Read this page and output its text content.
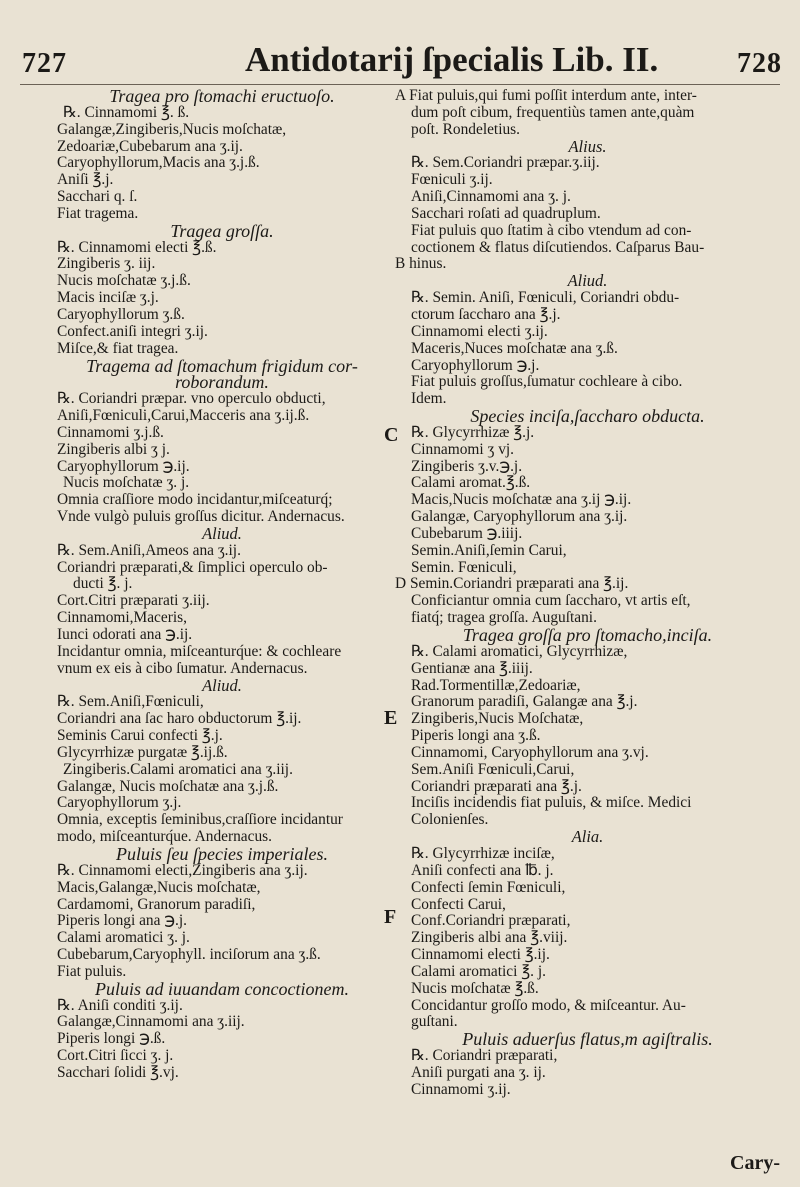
727	Antidotarij ſpecialis Lib. II.	728
Tragea pro ſtomachi eructuoſo.
℞. Cinnamomi ℥. ß.
Galangæ,Zingiberis,Nucis moſchatæ,
Zedoariæ,Cubebarum ana ʒ.ij.
Caryophyllorum,Macis ana ʒ.j.ß.
Aniſi ℥.j.
Sacchari q. ſ.
Fiat tragema.
Tragea groſſa.
℞. Cinnamomi electi ℥.ß.
Zingiberis ʒ. iij.
Nucis moſchatæ ʒ.j.ß.
Macis inciſæ ʒ.j.
Caryophyllorum ʒ.ß.
Confect.aniſi integri ʒ.ij.
Miſce,& fiat tragea.
Tragema ad ſtomachum frigidum cor-
roborandum.
℞. Coriandri præpar. vno operculo obducti,
Aniſi,Fœniculi,Carui,Macceris ana ʒ.ij.ß.
Cinnamomi ʒ.j.ß.
Zingiberis albi ʒ j.
Caryophyllorum ℈.ij.
Nucis moſchatæ ʒ. j.
Omnia craſſiore modo incidantur,miſceaturq́;
Vnde vulgò puluis groſſus dicitur. Andernacus.
Aliud.
℞. Sem.Aniſi,Ameos ana ʒ.ij.
Coriandri præparati,& ſimplici operculo ob-
ducti ℥. j.
Cort.Citri præparati ʒ.iij.
Cinnamomi,Maceris,
Iunci odorati ana ℈.ij.
Incidantur omnia, miſceanturq́ue: & cochleare
vnum ex eis à cibo ſumatur. Andernacus.
Aliud.
℞. Sem.Aniſi,Fœniculi,
Coriandri ana ſac haro obductorum ℥.ij.
Seminis Carui confecti ℥.j.
Glycyrrhizæ purgatæ ℥.ij.ß.
Zingiberis.Calami aromatici ana ʒ.iij.
Galangæ, Nucis moſchatæ ana ʒ.j.ß.
Caryophyllorum ʒ.j.
Omnia, exceptis ſeminibus,craſſiore incidantur
modo, miſceanturq́ue. Andernacus.
Puluis ſeu ſpecies imperiales.
℞. Cinnamomi electi,Zingiberis ana ʒ.ij.
Macis,Galangæ,Nucis moſchatæ,
Cardamomi, Granorum paradiſi,
Piperis longi ana ℈.j.
Calami aromatici ʒ. j.
Cubebarum,Caryophyll. inciſorum ana ʒ.ß.
Fiat puluis.
Puluis ad iuuandam concoctionem.
℞. Aniſi conditi ʒ.ij.
Galangæ,Cinnamomi ana ʒ.iij.
Piperis longi ℈.ß.
Cort.Citri ſicci ʒ. j.
Sacchari ſolidi ℥.vj.
A Fiat puluis,qui fumi poſſit interdum ante, inter-
dum poſt cibum, frequentiùs tamen ante,quàm
poſt. Rondeletius.
Alius.
℞. Sem.Coriandri præpar.ʒ.iij.
Fœniculi ʒ.ij.
Aniſi,Cinnamomi ana ʒ. j.
Sacchari roſati ad quadruplum.
Fiat puluis quo ſtatim à cibo vtendum ad con-
coctionem & flatus diſcutiendos. Caſparus Bau-
B hinus.
Aliud.
℞. Semin. Aniſi, Fœniculi, Coriandri obdu-
ctorum ſaccharo ana ℥.j.
Cinnamomi electi ʒ.ij.
Maceris,Nuces moſchatæ ana ʒ.ß.
Caryophyllorum ℈.j.
Fiat puluis groſſus,ſumatur cochleare à cibo.
Idem.
Species inciſa,ſaccharo obducta.
℞. Glycyrrhizæ ℥.j.
Cinnamomi ʒ vj.
Zingiberis ʒ.v.℈.j.
Calami aromat.℥.ß.
Macis,Nucis moſchatæ ana ʒ.ij ℈.ij.
Galangæ, Caryophyllorum ana ʒ.ij.
Cubebarum ℈.iiij.
Semin.Aniſi,ſemin Carui,
Semin. Fœniculi,
D Semin.Coriandri præparati ana ℥.ij.
Conficiantur omnia cum ſaccharo, vt artis eſt,
fiatq́; tragea groſſa. Auguſtani.
Tragea groſſa pro ſtomacho,inciſa.
℞. Calami aromatici, Glycyrrhizæ,
Gentianæ ana ℥.iiij.
Rad.Tormentillæ,Zedoariæ,
Granorum paradiſi, Galangæ ana ℥.j.
Zingiberis,Nucis Moſchatæ,
Piperis longi ana ʒ.ß.
Cinnamomi, Caryophyllorum ana ʒ.vj.
Sem.Aniſi Fœniculi,Carui,
Coriandri præparati ana ℥.j.
Inciſis incidendis fiat puluis, & miſce. Medici
Colonienſes.
Alia.
℞. Glycyrrhizæ inciſæ,
Aniſi confecti ana ℔. j.
Confecti ſemin Fœniculi,
Confecti Carui,
Conf.Coriandri præparati,
Zingiberis albi ana ℥.viij.
Cinnamomi electi ℥.ij.
Calami aromatici ℥. j.
Nucis moſchatæ ℥.ß.
Concidantur groſſo modo, & miſceantur. Au-
guſtani.
Puluis aduerſus flatus,m agiſtralis.
℞. Coriandri præparati,
Aniſi purgati ana ʒ. ij.
Cinnamomi ʒ.ij.
C
E
F
Cary-
